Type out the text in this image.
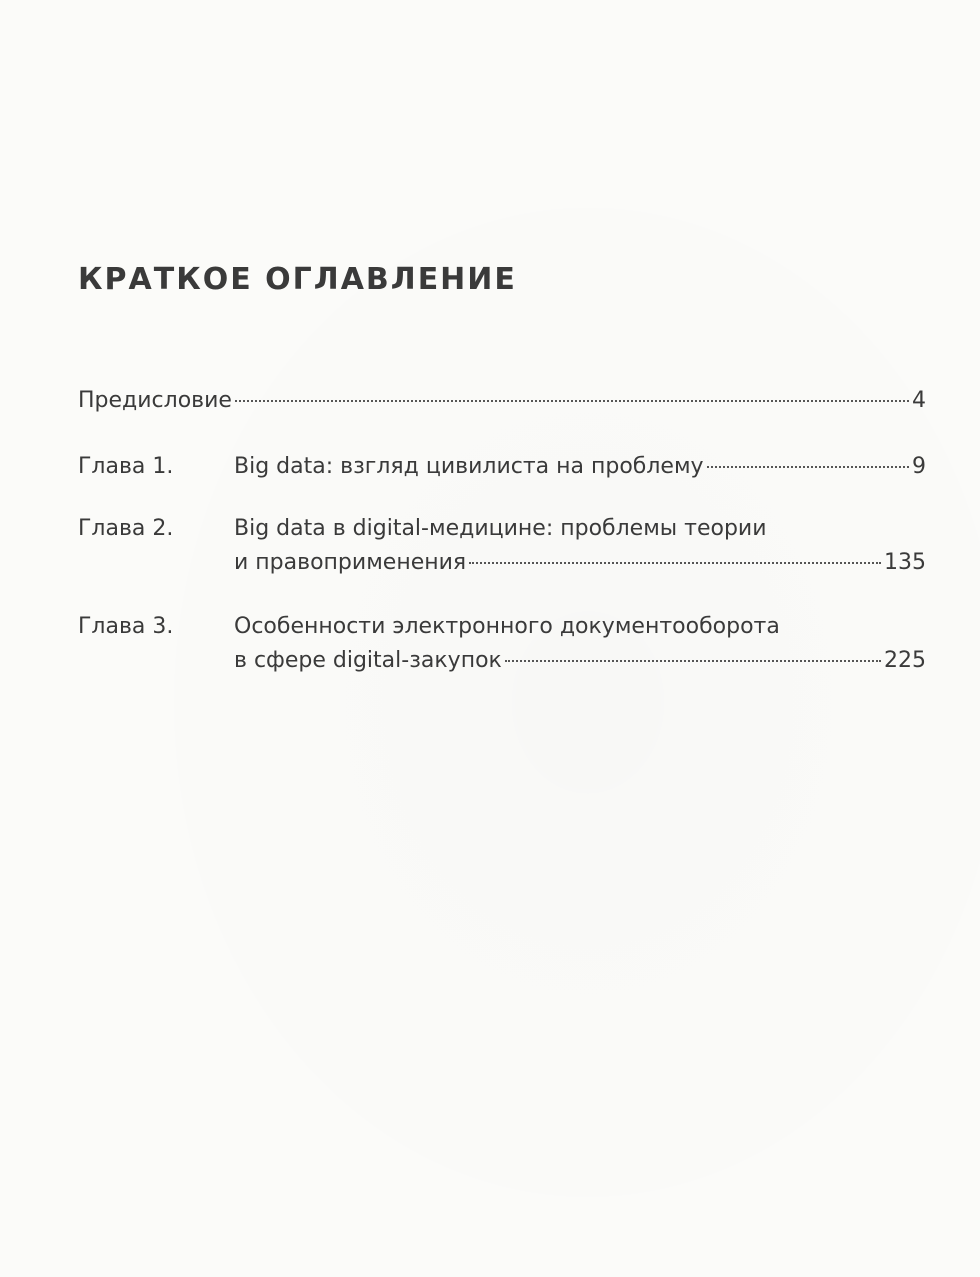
КРАТКОЕ ОГЛАВЛЕНИЕ
Предисловие	4
Глава 1.	Big data: взгляд цивилиста на проблему	9
Глава 2.	Big data в digital-медицине: проблемы теории
и правоприменения	135
Глава 3.	Особенности электронного документооборота
в сфере digital-закупок	225
